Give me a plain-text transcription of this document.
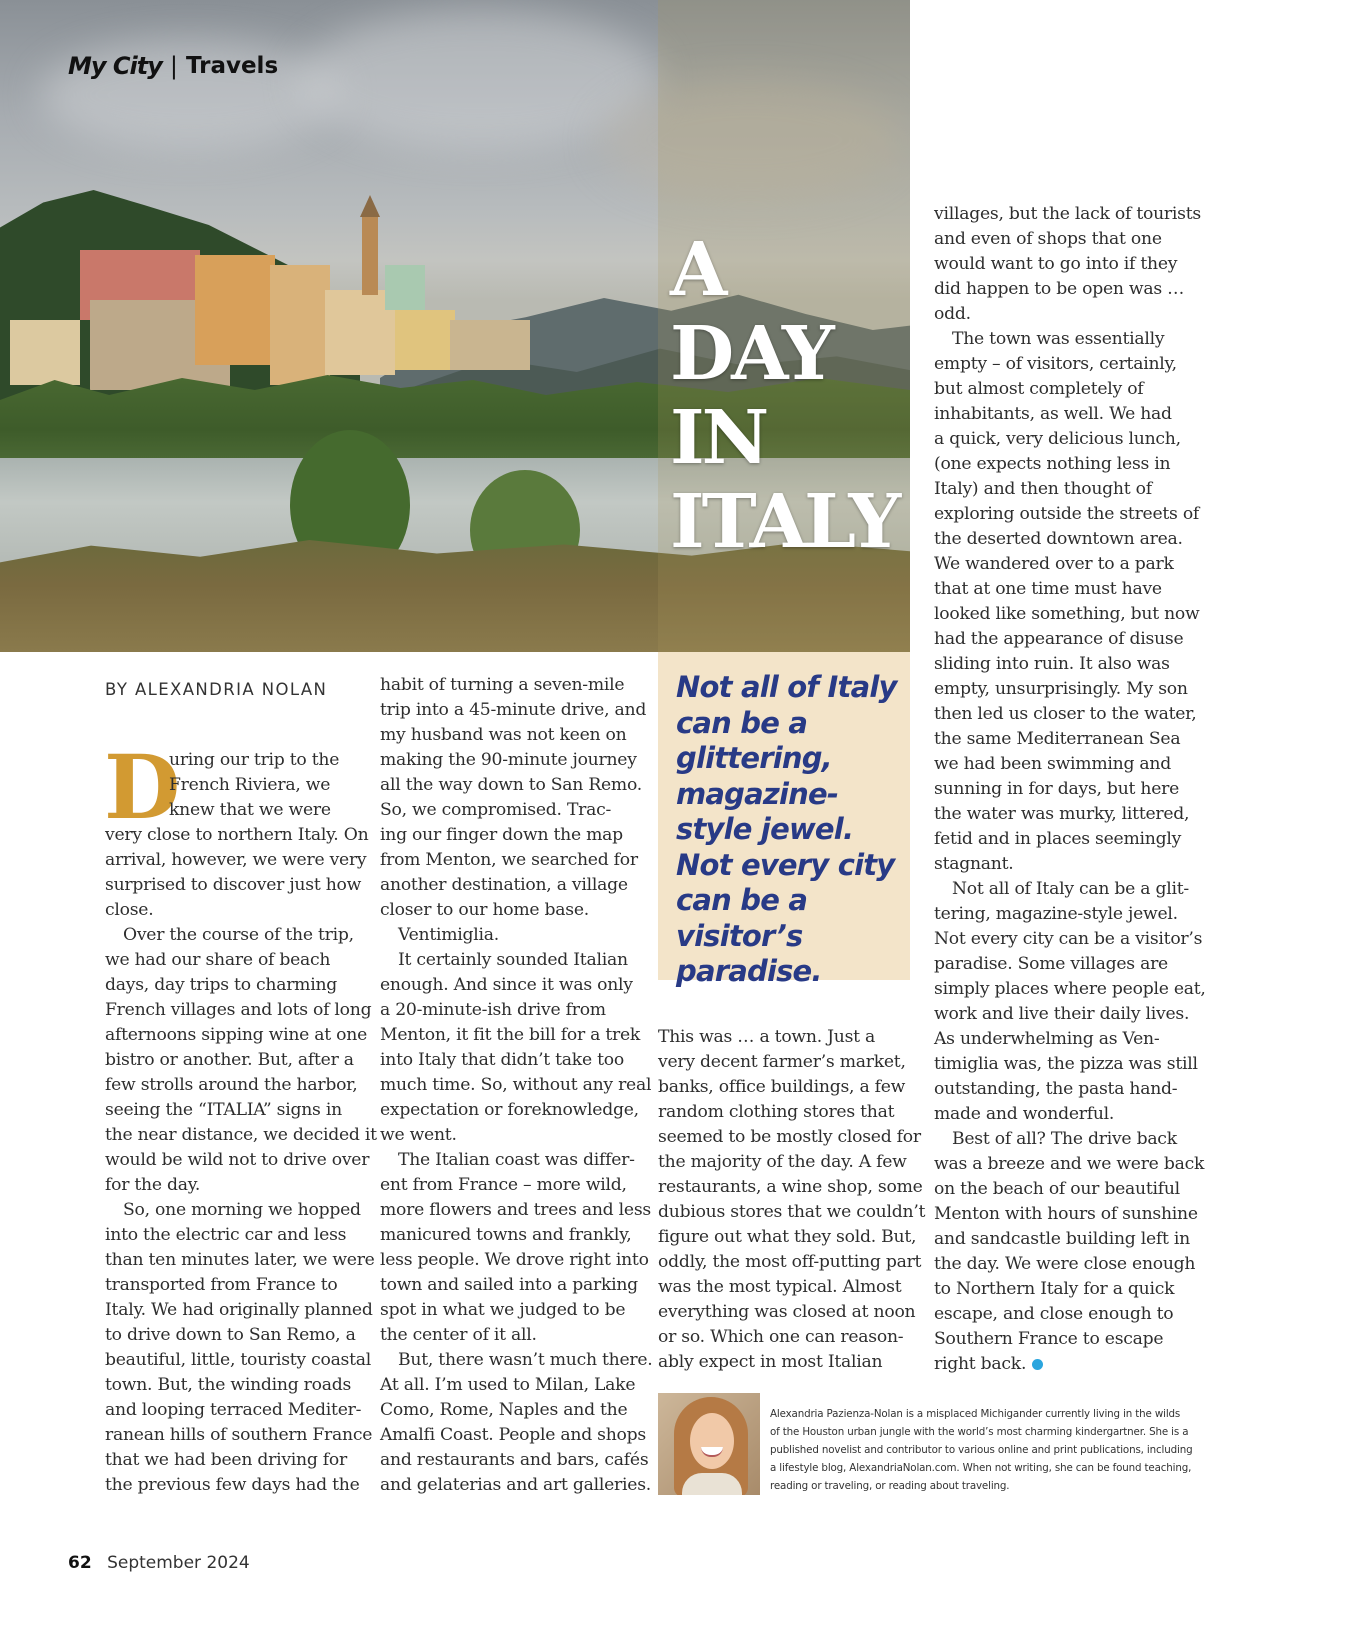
My City | Travels
A
DAY
IN
ITALY

Not all of Italy can be a glittering, magazine-style jewel. Not every city can be a visitor’s paradise.

BY ALEXANDRIA NOLAN
D
uring our trip to the
French Riviera, we
knew that we were
very close to northern Italy. On
arrival, however, we were very
surprised to discover just how
close.
Over the course of the trip,
we had our share of beach
days, day trips to charming
French villages and lots of long
afternoons sipping wine at one
bistro or another. But, after a
few strolls around the harbor,
seeing the “ITALIA” signs in
the near distance, we decided it
would be wild not to drive over
for the day.
So, one morning we hopped
into the electric car and less
than ten minutes later, we were
transported from France to
Italy. We had originally planned
to drive down to San Remo, a
beautiful, little, touristy coastal
town. But, the winding roads
and looping terraced Mediter-
ranean hills of southern France
that we had been driving for
the previous few days had the
habit of turning a seven-mile
trip into a 45-minute drive, and
my husband was not keen on
making the 90-minute journey
all the way down to San Remo.
So, we compromised. Trac-
ing our finger down the map
from Menton, we searched for
another destination, a village
closer to our home base.
Ventimiglia.
It certainly sounded Italian
enough. And since it was only
a 20-minute-ish drive from
Menton, it fit the bill for a trek
into Italy that didn’t take too
much time. So, without any real
expectation or foreknowledge,
we went.
The Italian coast was differ-
ent from France – more wild,
more flowers and trees and less
manicured towns and frankly,
less people. We drove right into
town and sailed into a parking
spot in what we judged to be
the center of it all.
But, there wasn’t much there.
At all. I’m used to Milan, Lake
Como, Rome, Naples and the
Amalfi Coast. People and shops
and restaurants and bars, cafés
and gelaterias and art galleries.
This was … a town. Just a
very decent farmer’s market,
banks, office buildings, a few
random clothing stores that
seemed to be mostly closed for
the majority of the day. A few
restaurants, a wine shop, some
dubious stores that we couldn’t
figure out what they sold. But,
oddly, the most off-putting part
was the most typical. Almost
everything was closed at noon
or so. Which one can reason-
ably expect in most Italian
villages, but the lack of tourists
and even of shops that one
would want to go into if they
did happen to be open was …
odd.
The town was essentially
empty – of visitors, certainly,
but almost completely of
inhabitants, as well. We had
a quick, very delicious lunch,
(one expects nothing less in
Italy) and then thought of
exploring outside the streets of
the deserted downtown area.
We wandered over to a park
that at one time must have
looked like something, but now
had the appearance of disuse
sliding into ruin. It also was
empty, unsurprisingly. My son
then led us closer to the water,
the same Mediterranean Sea
we had been swimming and
sunning in for days, but here
the water was murky, littered,
fetid and in places seemingly
stagnant.
Not all of Italy can be a glit-
tering, magazine-style jewel.
Not every city can be a visitor’s
paradise. Some villages are
simply places where people eat,
work and live their daily lives.
As underwhelming as Ven-
timiglia was, the pizza was still
outstanding, the pasta hand-
made and wonderful.
Best of all? The drive back
was a breeze and we were back
on the beach of our beautiful
Menton with hours of sunshine
and sandcastle building left in
the day. We were close enough
to Northern Italy for a quick
escape, and close enough to
Southern France to escape
right back.
Alexandria Pazienza-Nolan is a misplaced Michigander currently living in the wilds
of the Houston urban jungle with the world’s most charming kindergartner. She is a
published novelist and contributor to various online and print publications, including
a lifestyle blog, AlexandriaNolan.com. When not writing, she can be found teaching,
reading or traveling, or reading about traveling.
62 September 2024
